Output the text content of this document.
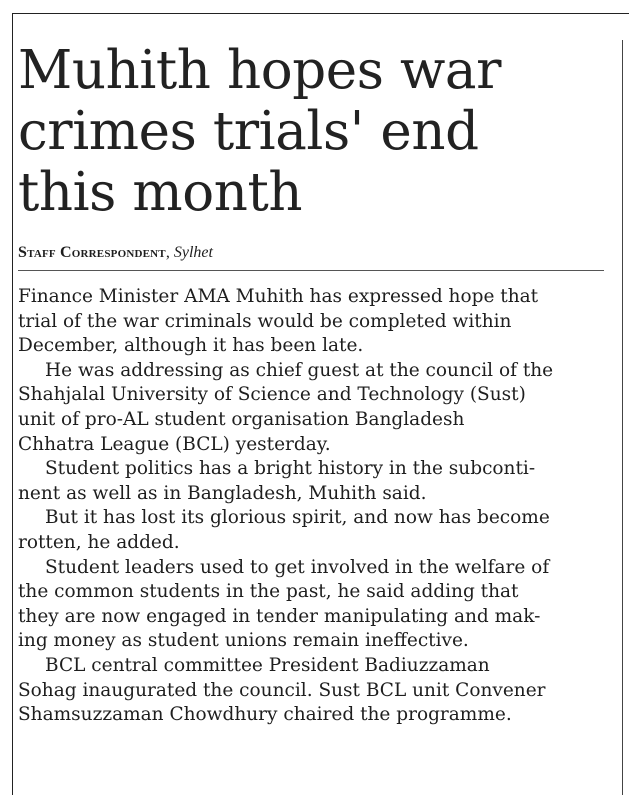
Muhith hopes war
crimes trials' end
this month
Staff Correspondent, Sylhet

Finance Minister AMA Muhith has expressed hope that
trial of the war criminals would be completed within
December, although it has been late.

He was addressing as chief guest at the council of the
Shahjalal University of Science and Technology (Sust)
unit of pro-AL student organisation Bangladesh
Chhatra League (BCL) yesterday.

Student politics has a bright history in the subconti-
nent as well as in Bangladesh, Muhith said.

But it has lost its glorious spirit, and now has become
rotten, he added.

Student leaders used to get involved in the welfare of
the common students in the past, he said adding that
they are now engaged in tender manipulating and mak-
ing money as student unions remain ineffective.

BCL central committee President Badiuzzaman
Sohag inaugurated the council. Sust BCL unit Convener
Shamsuzzaman Chowdhury chaired the programme.
